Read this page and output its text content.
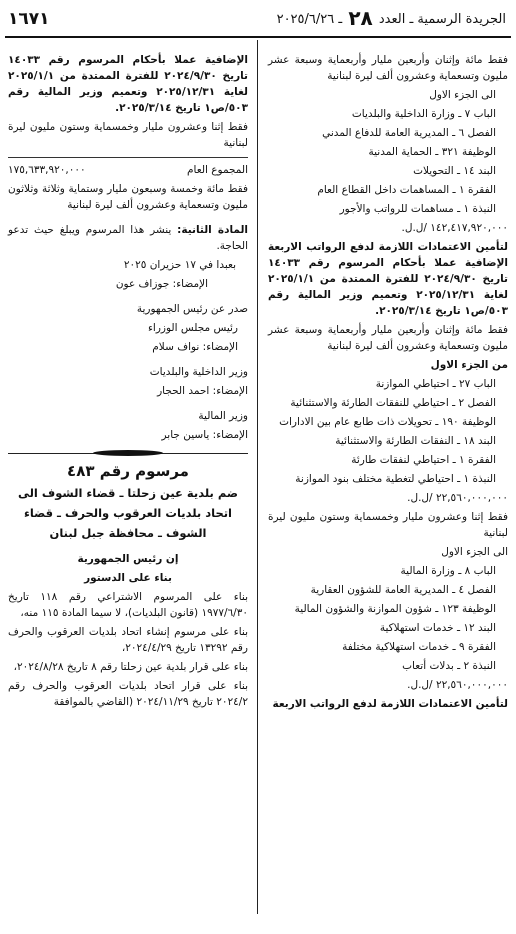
الجريدة الرسمية ـ العدد ٢٨ ـ ٢٠٢٥/٦/٢٦
١٦٧١

فقط مائة وإثنان وأربعين مليار وأربعماية وسبعة عشر مليون وتسعماية وعشرون ألف ليرة لبنانية

الى الجزء الاول

الباب ٧ ـ وزارة الداخلية والبلديات

الفصل ٦ ـ المديرية العامة للدفاع المدني

الوظيفة ٣٢١ ـ الحماية المدنية

البند ١٤ ـ التحويلات

الفقرة ١ ـ المساهمات داخل القطاع العام

النبذة ١ ـ مساهمات للرواتب والأجور

١٤٢,٤١٧,٩٢٠,٠٠٠ /ل.ل.

لتأمين الاعتمادات اللازمة لدفع الرواتب الاربعة الإضافية عملا بأحكام المرسوم رقم ١٤٠٣٣ تاريخ ٢٠٢٤/٩/٣٠ للفترة الممتدة من ٢٠٢٥/١/١ لغاية ٢٠٢٥/١٢/٣١ وتعميم وزير المالية رقم ٥٠٣/ص١ تاريخ ٢٠٢٥/٣/١٤.

فقط مائة وإثنان وأربعين مليار وأربعماية وسبعة عشر مليون وتسعماية وعشرون ألف ليرة لبنانية

من الجزء الاول

الباب ٢٧ ـ احتياطي الموازنة

الفصل ٢ ـ احتياطي للنفقات الطارئة والاستثنائية

الوظيفة ١٩٠ ـ تحويلات ذات طابع عام بين الادارات

البند ١٨ ـ النفقات الطارئة والاستثنائية

الفقرة ١ ـ احتياطي لنفقات طارئة

النبذة ١ ـ احتياطي لتغطية مختلف بنود الموازنة

٢٢,٥٦٠,٠٠٠,٠٠٠ /ل.ل.

فقط إثنا وعشرون مليار وخمسماية وستون مليون ليرة لبنانية

الى الجزء الاول

الباب ٨ ـ وزارة المالية

الفصل ٤ ـ المديرية العامة للشؤون العقارية

الوظيفة ١٢٣ ـ شؤون الموازنة والشؤون المالية

البند ١٢ ـ خدمات استهلاكية

الفقرة ٩ ـ خدمات استهلاكية مختلفة

النبذة ٢ ـ بدلات أتعاب

٢٢,٥٦٠,٠٠٠,٠٠٠ /ل.ل.

لتأمين الاعتمادات اللازمة لدفع الرواتب الاربعة

الإضافية عملا بأحكام المرسوم رقم ١٤٠٣٣ تاريخ ٢٠٢٤/٩/٣٠ للفترة الممتدة من ٢٠٢٥/١/١ لغاية ٢٠٢٥/١٢/٣١ وتعميم وزير المالية رقم ٥٠٣/ص١ تاريخ ٢٠٢٥/٣/١٤.

فقط إثنا وعشرون مليار وخمسماية وستون مليون ليرة لبنانية

المجموع العام
١٧٥,٦٣٣,٩٢٠,٠٠٠

فقط مائة وخمسة وسبعون مليار وستماية وثلاثة وثلاثون مليون وتسعماية وعشرون ألف ليرة لبنانية

المادة الثانية: ينشر هذا المرسوم ويبلغ حيث تدعو الحاجة.

بعبدا في ١٧ حزيران ٢٠٢٥

الإمضاء: جوزاف عون

صدر عن رئيس الجمهورية

رئيس مجلس الوزراء

الإمضاء: نواف سلام

وزير الداخلية والبلديات

الإمضاء: احمد الحجار

وزير المالية

الإمضاء: ياسين جابر

مرسوم رقم ٤٨٣
ضم بلدية عين زحلتا ـ قضاء الشوف الى اتحاد بلديات العرقوب والحرف ـ قضاء الشوف ـ محافظة جبل لبنان

إن رئيس الجمهورية

بناء على الدستور

بناء على المرسوم الاشتراعي رقم ١١٨ تاريخ ١٩٧٧/٦/٣٠ (قانون البلديات)، لا سيما المادة ١١٥ منه،

بناء على مرسوم إنشاء اتحاد بلديات العرقوب والحرف رقم ١٣٢٩٢ تاريخ ٢٠٢٤/٤/٢٩،

بناء على قرار بلدية عين زحلتا رقم ٨ تاريخ ٢٠٢٤/٨/٢٨،

بناء على قرار اتحاد بلديات العرقوب والحرف رقم ٢٠٢٤/٢ تاريخ ٢٠٢٤/١١/٢٩ (القاضي بالموافقة
